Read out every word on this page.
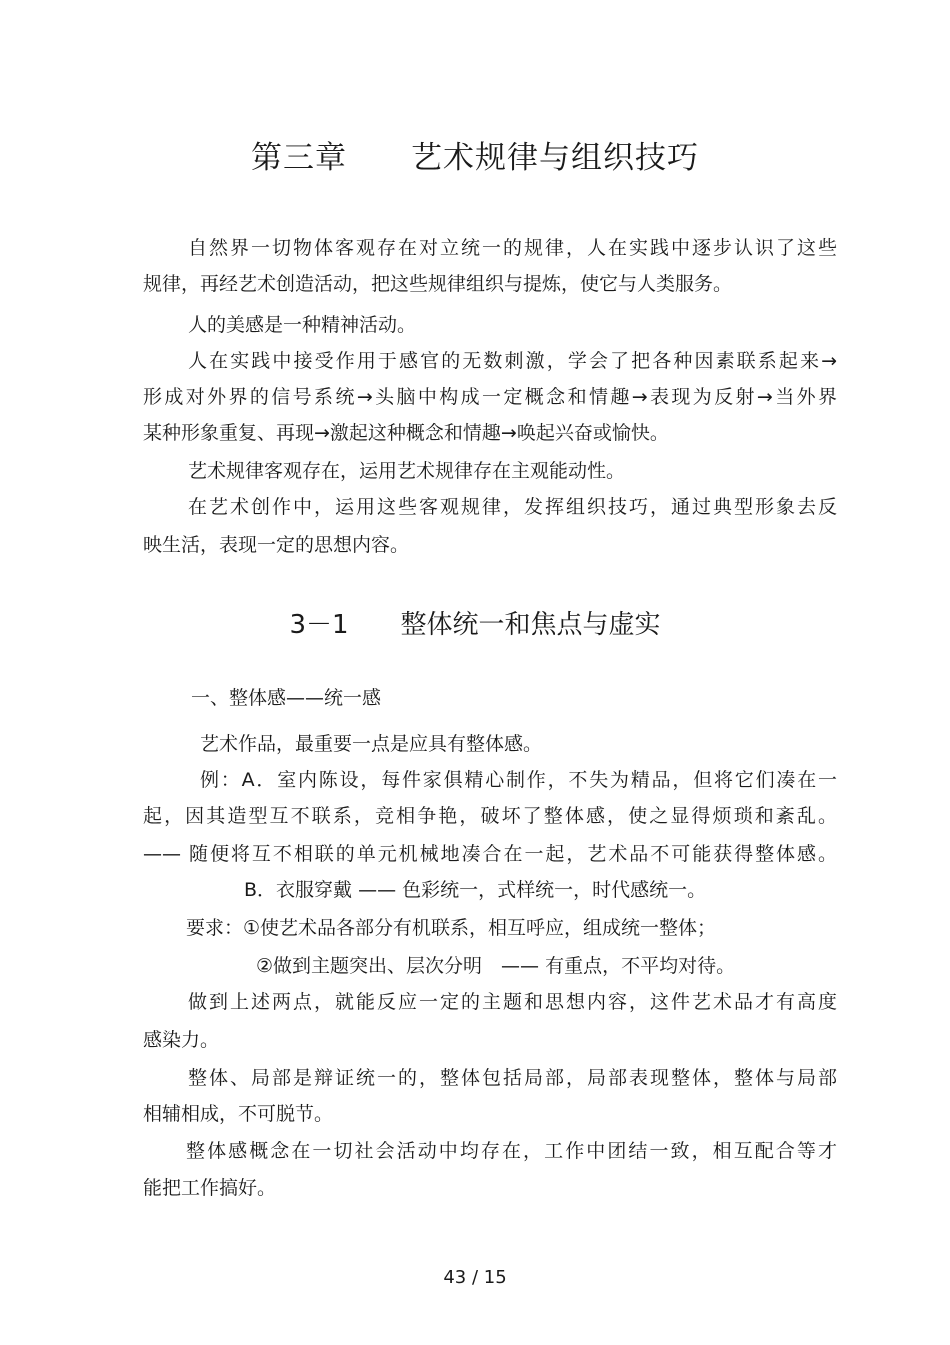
第三章　　艺术规律与组织技巧
自然界一切物体客观存在对立统一的规律，人在实践中逐步认识了这些
规律，再经艺术创造活动，把这些规律组织与提炼，使它与人类服务。
人的美感是一种精神活动。
人在实践中接受作用于感官的无数刺激，学会了把各种因素联系起来→
形成对外界的信号系统→头脑中构成一定概念和情趣→表现为反射→当外界
某种形象重复、再现→激起这种概念和情趣→唤起兴奋或愉快。
艺术规律客观存在，运用艺术规律存在主观能动性。
在艺术创作中，运用这些客观规律，发挥组织技巧，通过典型形象去反
映生活，表现一定的思想内容。
3－1　　整体统一和焦点与虚实
一、整体感——统一感
艺术作品，最重要一点是应具有整体感。
例：A．室内陈设，每件家俱精心制作，不失为精品，但将它们凑在一
起，因其造型互不联系，竞相争艳，破坏了整体感，使之显得烦琐和紊乱。
—— 随便将互不相联的单元机械地凑合在一起，艺术品不可能获得整体感。
B．衣服穿戴 —— 色彩统一，式样统一，时代感统一。
要求：①使艺术品各部分有机联系，相互呼应，组成统一整体；
②做到主题突出、层次分明　—— 有重点，不平均对待。
做到上述两点，就能反应一定的主题和思想内容，这件艺术品才有高度
感染力。
整体、局部是辩证统一的，整体包括局部，局部表现整体，整体与局部
相辅相成，不可脱节。
整体感概念在一切社会活动中均存在，工作中团结一致，相互配合等才
能把工作搞好。
43 / 15
